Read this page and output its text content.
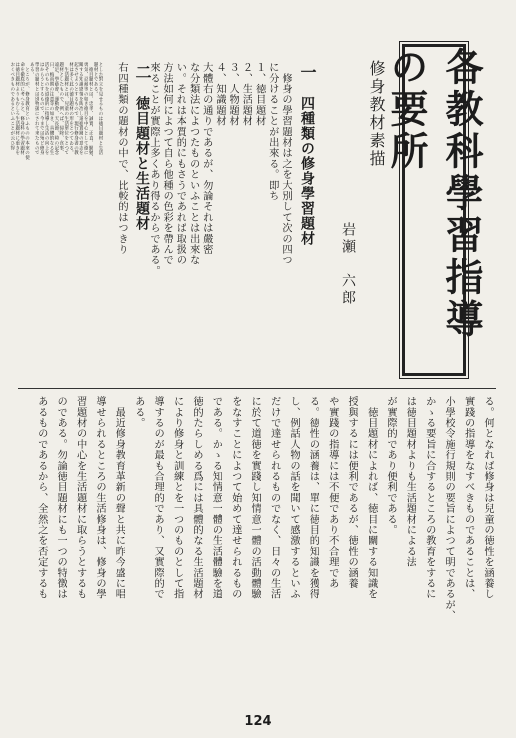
各教科學習指導の要所
修身教材素描
岩瀬　六郎
とした對立を見せるものは徳目題材と生活
題材とである。
　徳目題材とは、忠孝、誠實、正直、勤勉、
勇気、忍耐等の如き徳目を中心として徳に
關する知識感情を陶冶し道徳實踐の意志を
起させようとするもので、現行修身書の教
材は多く此の徳目題材の形をとつてゐる。
　生活題材とは、兒童の生活單位をとつて
題材としたもので、例へば、掃除、食事、
遠足、學藝會、運動會、天長節、時の記念
日、梅雨期の注意等の如き、具體的なる生
活そのものを道徳的に指導し生活の向上を
はからうとするもので、今までは殆ど修身
學習の題材とは別物扱にされて來たもので
ある。
　ところが、修身教育といふものの本來の使
命を徹底的に考へると、修身科の學習題材
は徳目題材よりもむしろ生活題材に重きを
おくべきものであるといふことが云ひ得	一　四種類の修身學習題材
　修身の學習題材は之を大別して次の四つ
に分けることが出來る。即ち
１、徳目題材
２、生活題材
３、人物題材
４、知識題材
大體右の通りであるが、勿論それは嚴密
な分類法によつたものといふことは出來な
い。それは本質的にもさうであれば取扱の
方法如何によつて自ら他種の色彩を帶んで
來ることが實際上多くあり得るからである。
二　徳目題材と生活題材
右四種類の題材の中で、比較的はつきり
る。何となれば修身は兒童の徳性を涵養し
實踐の指導をなすべきものであることは、
小學校令施行規則の要旨によつて明であるが、
かゝる要旨に合するところの教育をするに
は徳目題材よりも生活題材による法
が實際的であり便利である。
　徳目題材によれば、徳目に關する知識を
授與するには便利であるが、徳性の涵養
や實踐の指導には不便であり不合理であ
る。徳性の涵養は、單に徳目的知識を獲得
し、例話人物の話を聞いて感激するといふ
だけで達せられるものでなく、日々の生活
に於て道徳を實踐し知情意一體の活動體驗
をなすことによつて始めて達せられるもの
である。かゝる知情意一體の生活體驗を道
徳的たらしめる爲には具體的なる生活題材
により修身と訓練とを一つのものとして指
導するのが最も合理的であり、又實際的で
ある。
　最近修身教育革新の聲と共に昨今盛に唱
導せられるところの生活修身は、修身の學
習題材の中心を生活題材に取らうとするも
のである。勿論徳目題材にも一つの特徴は
あるものであるから、全然之を否定するも
124
